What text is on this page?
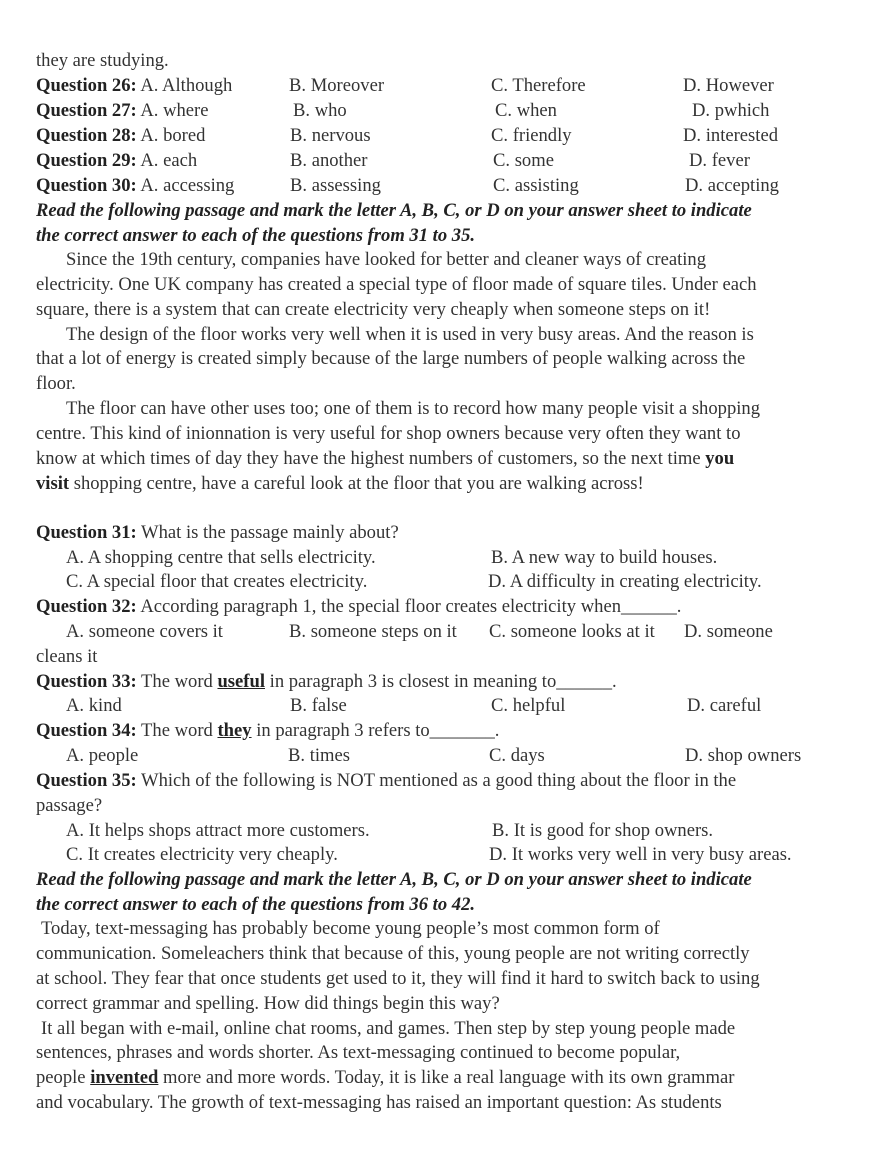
they are studying.
Question 26: A. Although	B. Moreover	C. Therefore	D. However
Question 27: A. where	B. who	C. when	D. pwhich
Question 28: A. bored	B. nervous	C. friendly	D. interested
Question 29: A. each	B. another	C. some	D. fever
Question 30: A. accessing	B. assessing	C. assisting	D. accepting
Read the following passage and mark the letter A, B, C, or D on your answer sheet to indicate
the correct answer to each of the questions from 31 to 35.
Since the 19th century, companies have looked for better and cleaner ways of creating
electricity. One UK company has created a special type of floor made of square tiles. Under each
square, there is a system that can create electricity very cheaply when someone steps on it!
The design of the floor works very well when it is used in very busy areas. And the reason is
that a lot of energy is created simply because of the large numbers of people walking across the
floor.
The floor can have other uses too; one of them is to record how many people visit a shopping
centre. This kind of inionnation is very useful for shop owners because very often they want to
know at which times of day they have the highest numbers of customers, so the next time you
visit shopping centre, have a careful look at the floor that you are walking across!
Question 31: What is the passage mainly about?
A. A shopping centre that sells electricity.	B. A new way to build houses.
C. A special floor that creates electricity.	D. A difficulty in creating electricity.
Question 32: According paragraph 1, the special floor creates electricity when______.
A. someone covers it	B. someone steps on it C. someone looks at it D. someone
cleans it
Question 33: The word useful in paragraph 3 is closest in meaning to______.
A. kind	B. false	C. helpful	D. careful
Question 34: The word they in paragraph 3 refers to_______.
A. people	B. times	C. days	D. shop owners
Question 35: Which of the following is NOT mentioned as a good thing about the floor in the
passage?
A. It helps shops attract more customers.	B. It is good for shop owners.
C. It creates electricity very cheaply.	D. It works very well in very busy areas.
Read the following passage and mark the letter A, B, C, or D on your answer sheet to indicate
the correct answer to each of the questions from 36 to 42.
Today, text-messaging has probably become young people’s most common form of
communication. Someleachers think that because of this, young people are not writing correctly
at school. They fear that once students get used to it, they will find it hard to switch back to using
correct grammar and spelling. How did things begin this way?
It all began with e-mail, online chat rooms, and games. Then step by step young people made
sentences, phrases and words shorter. As text-messaging continued to become popular,
people invented more and more words. Today, it is like a real language with its own grammar
and vocabulary. The growth of text-messaging has raised an important question: As students
